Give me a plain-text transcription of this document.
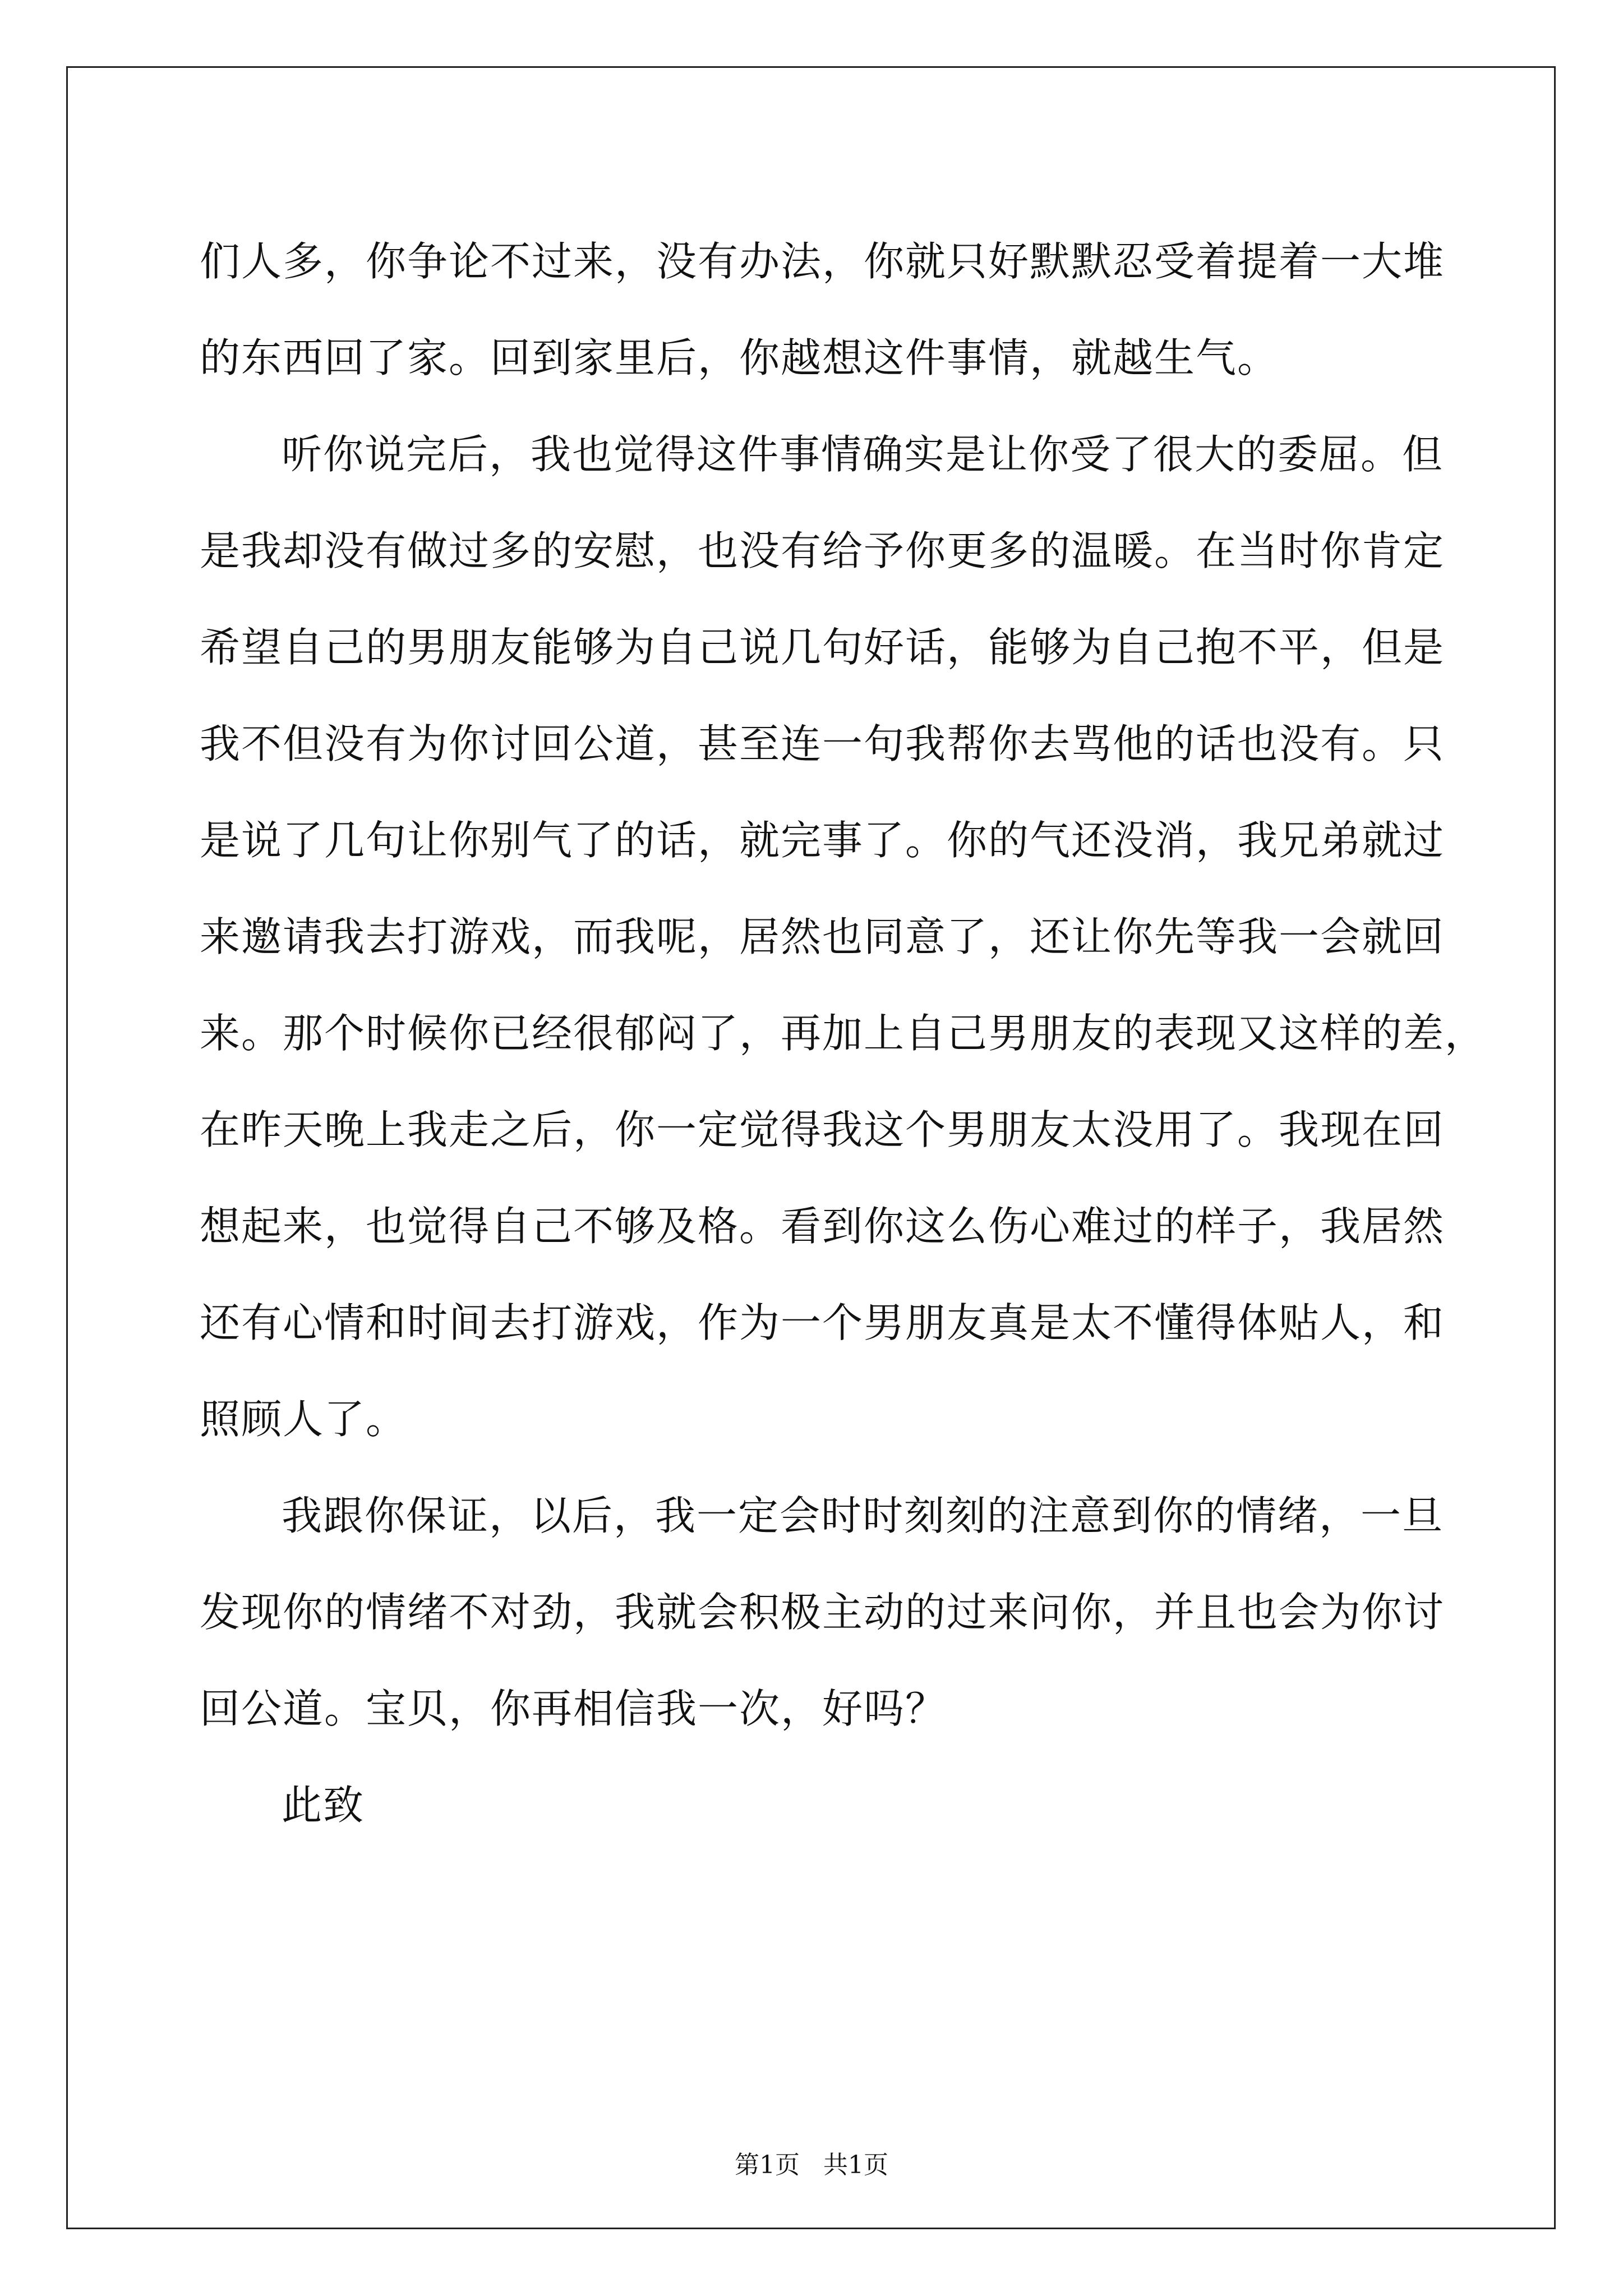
们人多，你争论不过来，没有办法，你就只好默默忍受着提着一大堆
的东西回了家。回到家里后，你越想这件事情，就越生气。
听你说完后，我也觉得这件事情确实是让你受了很大的委屈。但
是我却没有做过多的安慰，也没有给予你更多的温暖。在当时你肯定
希望自己的男朋友能够为自己说几句好话，能够为自己抱不平，但是
我不但没有为你讨回公道，甚至连一句我帮你去骂他的话也没有。只
是说了几句让你别气了的话，就完事了。你的气还没消，我兄弟就过
来邀请我去打游戏，而我呢，居然也同意了，还让你先等我一会就回
来。那个时候你已经很郁闷了，再加上自己男朋友的表现又这样的差，
在昨天晚上我走之后，你一定觉得我这个男朋友太没用了。我现在回
想起来，也觉得自己不够及格。看到你这么伤心难过的样子，我居然
还有心情和时间去打游戏，作为一个男朋友真是太不懂得体贴人，和
照顾人了。
我跟你保证，以后，我一定会时时刻刻的注意到你的情绪，一旦
发现你的情绪不对劲，我就会积极主动的过来问你，并且也会为你讨
回公道。宝贝，你再相信我一次，好吗？
此致
第1页   共1页
